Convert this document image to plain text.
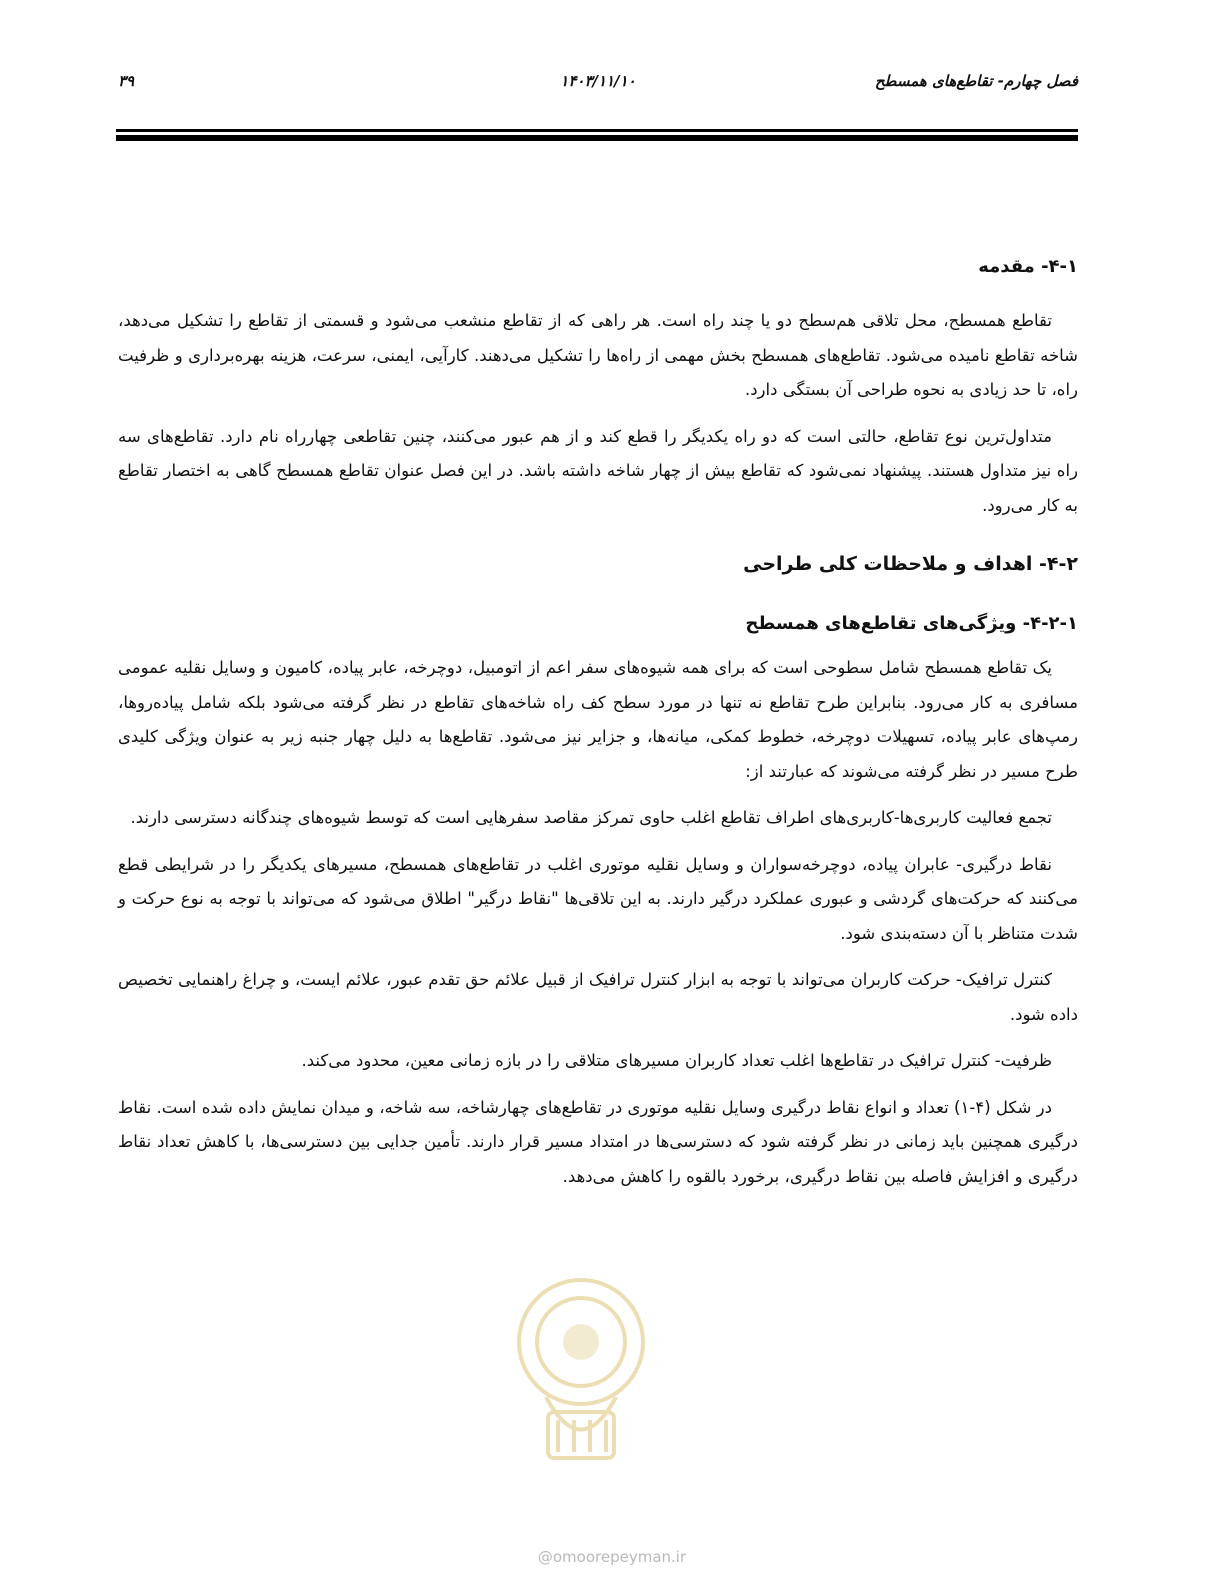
فصل چهارم- تقاطع‌های همسطح
۱۴۰۳/۱۱/۱۰
۳۹
۴-۱- مقدمه

تقاطع همسطح، محل تلاقی هم‌سطح دو یا چند راه است. هر راهی که از تقاطع منشعب می‌شود و قسمتی از تقاطع را تشکیل می‌دهد، شاخه تقاطع نامیده می‌شود. تقاطع‌های همسطح بخش مهمی از راه‌ها را تشکیل می‌دهند. کارآیی، ایمنی، سرعت، هزینه بهره‌برداری و ظرفیت راه، تا حد زیادی به نحوه طراحی آن بستگی دارد.

متداول‌ترین نوع تقاطع، حالتی است که دو راه یکدیگر را قطع کند و از هم عبور می‌کنند، چنین تقاطعی چهارراه نام دارد. تقاطع‌های سه راه نیز متداول هستند. پیشنهاد نمی‌شود که تقاطع بیش از چهار شاخه داشته باشد. در این فصل عنوان تقاطع همسطح گاهی به اختصار تقاطع به کار می‌رود.

۴-۲- اهداف و ملاحظات کلی طراحی
۴-۲-۱- ویژگی‌های تقاطع‌های همسطح

یک تقاطع همسطح شامل سطوحی است که برای همه شیوه‌های سفر اعم از اتومبیل، دوچرخه، عابر پیاده، کامیون و وسایل نقلیه عمومی مسافری به کار می‌رود. بنابراین طرح تقاطع نه تنها در مورد سطح کف راه شاخه‌های تقاطع در نظر گرفته می‌شود بلکه شامل پیاده‌روها، رمپ‌های عابر پیاده، تسهیلات دوچرخه، خطوط کمکی، میانه‌ها، و جزایر نیز می‌شود. تقاطع‌ها به دلیل چهار جنبه زیر به عنوان ویژگی کلیدی طرح مسیر در نظر گرفته می‌شوند که عبارتند از:

تجمع فعالیت کاربری‌ها-کاربری‌های اطراف تقاطع اغلب حاوی تمرکز مقاصد سفرهایی است که توسط شیوه‌های چندگانه دسترسی دارند.

نقاط درگیری- عابران پیاده، دوچرخه‌سواران و وسایل نقلیه موتوری اغلب در تقاطع‌های همسطح، مسیرهای یکدیگر را در شرایطی قطع می‌کنند که حرکت‌های گردشی و عبوری عملکرد درگیر دارند. به این تلاقی‌ها "نقاط درگیر" اطلاق می‌شود که می‌تواند با توجه به نوع حرکت و شدت متناظر با آن دسته‌بندی شود.

کنترل ترافیک- حرکت کاربران می‌تواند با توجه به ابزار کنترل ترافیک از قبیل علائم حق تقدم عبور، علائم ایست، و چراغ راهنمایی تخصیص داده شود.

ظرفیت- کنترل ترافیک در تقاطع‌ها اغلب تعداد کاربران مسیرهای متلاقی را در بازه زمانی معین، محدود می‌کند.

در شکل (۴-۱) تعداد و انواع نقاط درگیری وسایل نقلیه موتوری در تقاطع‌های چهارشاخه، سه شاخه، و میدان نمایش داده شده است. نقاط درگیری همچنین باید زمانی در نظر گرفته شود که دسترسی‌ها در امتداد مسیر قرار دارند. تأمین جدایی بین دسترسی‌ها، با کاهش تعداد نقاط درگیری و افزایش فاصله بین نقاط درگیری، برخورد بالقوه را کاهش می‌دهد.

@omoorepeyman.ir
